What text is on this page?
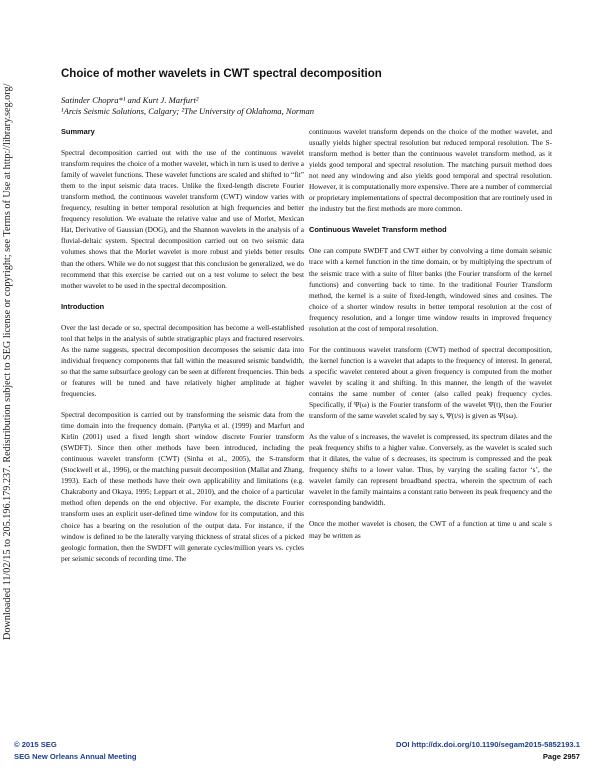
Downloaded 11/02/15 to 205.196.179.237. Redistribution subject to SEG license or copyright; see Terms of Use at http://library.seg.org/
Choice of mother wavelets in CWT spectral decomposition
Satinder Chopra*¹ and Kurt J. Marfurt²
¹Arcis Seismic Solutions, Calgary; ²The University of Oklahoma, Norman
Summary

Spectral decomposition carried out with the use of the continuous wavelet transform requires the choice of a mother wavelet, which in turn is used to derive a family of wavelet functions. These wavelet functions are scaled and shifted to “fit” them to the input seismic data traces. Unlike the fixed-length discrete Fourier transform method, the continuous wavelet transform (CWT) window varies with frequency, resulting in better temporal resolution at high frequencies and better frequency resolution. We evaluate the relative value and use of Morlet, Mexican Hat, Derivative of Gaussian (DOG), and the Shannon wavelets in the analysis of a fluvial-deltaic system. Spectral decomposition carried out on two seismic data volumes shows that the Morlet wavelet is more robust and yields better results than the others. While we do not suggest that this conclusion be generalized, we do recommend that this exercise be carried out on a test volume to select the best mother wavelet to be used in the spectral decomposition.

Introduction

Over the last decade or so, spectral decomposition has become a well-established tool that helps in the analysis of subtle stratigraphic plays and fractured reservoirs. As the name suggests, spectral decomposition decomposes the seismic data into individual frequency components that fall within the measured seismic bandwidth, so that the same subsurface geology can be seen at different frequencies. Thin beds or features will be tuned and have relatively higher amplitude at higher frequencies.

Spectral decomposition is carried out by transforming the seismic data from the time domain into the frequency domain. (Partyka et al. (1999) and Marfurt and Kirlin (2001) used a fixed length short window discrete Fourier transform (SWDFT). Since then other methods have been introduced, including the continuous wavelet transform (CWT) (Sinha et al., 2005), the S-transform (Stockwell et al., 1996), or the matching pursuit decomposition (Mallat and Zhang, 1993). Each of these methods have their own applicability and limitations (e.g. Chakraborty and Okaya, 1995; Leppart et al., 2010), and the choice of a particular method often depends on the end objective. For example, the discrete Fourier transform uses an explicit user-defined time window for its computation, and this choice has a bearing on the resolution of the output data. For instance, if the window is defined to be the laterally varying thickness of stratal slices of a picked geologic formation, then the SWDFT will generate cycles/million years vs. cycles per seismic seconds of recording time. The

continuous wavelet transform depends on the choice of the mother wavelet, and usually yields higher spectral resolution but reduced temporal resolution. The S-transform method is better than the continuous wavelet transform method, as it yields good temporal and spectral resolution. The matching pursuit method does not need any windowing and also yields good temporal and spectral resolution. However, it is computationally more expensive. There are a number of commercial or proprietary implementations of spectral decomposition that are routinely used in the industry but the first methods are more common.

Continuous Wavelet Transform method

One can compute SWDFT and CWT either by convolving a time domain seismic trace with a kernel function in the time domain, or by multiplying the spectrum of the seismic trace with a suite of filter banks (the Fourier transform of the kernel functions) and converting back to time. In the traditional Fourier Transform method, the kernel is a suite of fixed-length, windowed sines and cosines. The choice of a shorter window results in better temporal resolution at the cost of frequency resolution, and a longer time window results in improved frequency resolution at the cost of temporal resolution.

For the continuous wavelet transform (CWT) method of spectral decomposition, the kernel function is a wavelet that adapts to the frequency of interest. In general, a specific wavelet centered about a given frequency is computed from the mother wavelet by scaling it and shifting. In this manner, the length of the wavelet contains the same number of center (also called peak) frequency cycles. Specifically, if Ψ(ω) is the Fourier transform of the wavelet Ψ(t), then the Fourier transform of the same wavelet scaled by say s, Ψ(t/s) is given as Ψ(sω).

As the value of s increases, the wavelet is compressed, its spectrum dilates and the peak frequency shifts to a higher value. Conversely, as the wavelet is scaled such that it dilates, the value of s decreases, its spectrum is compressed and the peak frequency shifts to a lower value. Thus, by varying the scaling factor ‘s’, the wavelet family can represent broadband spectra, wherein the spectrum of each wavelet in the family maintains a constant ratio between its peak frequency and the corresponding bandwidth.

Once the mother wavelet is chosen, the CWT of a function at time u and scale s may be written as

© 2015 SEG	DOI http://dx.doi.org/10.1190/segam2015-5852193.1
SEG New Orleans Annual Meeting	Page 2957
